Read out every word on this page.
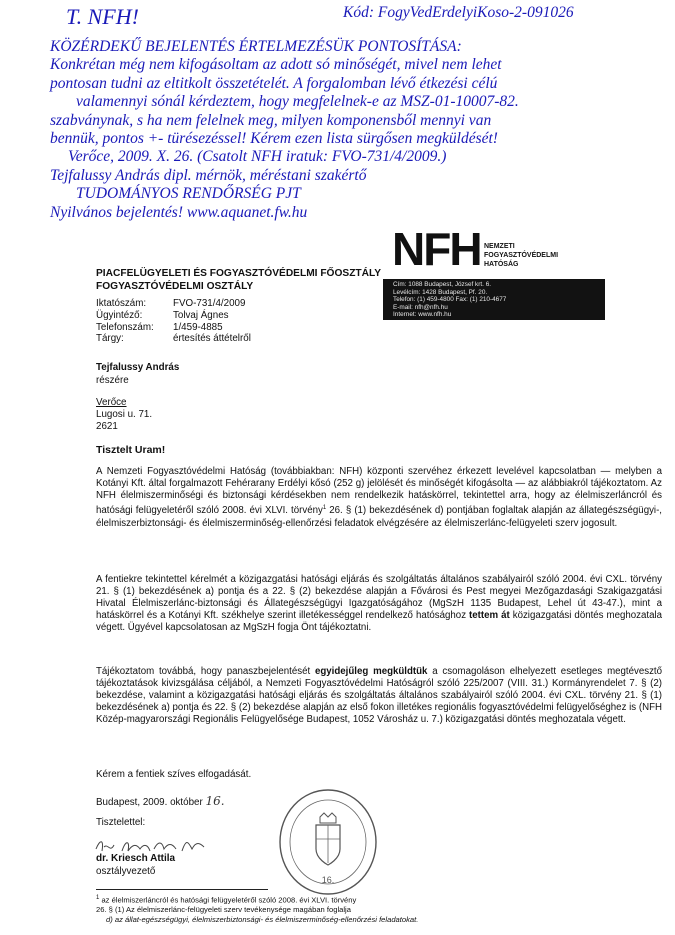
T. NFH!	Kód: FogyVedErdelyiKoso-2-091026
KÖZÉRDEKŰ BEJELENTÉS ÉRTELMEZÉSÜK PONTOSÍTÁSA:
Konkrétan még nem kifogásoltam az adott só minőségét, mivel nem lehet
pontosan tudni az eltitkolt összetételét. A forgalomban lévő étkezési célú
valamennyi sónál kérdeztem, hogy megfelelnek-e az MSZ-01-10007-82.
szabványnak, s ha nem felelnek meg, milyen komponensből mennyi van
bennük, pontos +- türésezéssel! Kérem ezen lista sürgősen megküldését!
Verőce, 2009. X. 26. (Csatolt NFH iratuk: FVO-731/4/2009.)
Tejfalussy András dipl. mérnök, méréstani szakértő
TUDOMÁNYOS RENDŐRSÉG PJT
Nyilvános bejelentés! www.aquanet.fw.hu
NFH NEMZETI
FOGYASZTÓVÉDELMI
HATÓSÁG
Cím: 1088 Budapest, József krt. 6.
Levélcím: 1428 Budapest, Pf. 20.
Telefon: (1) 459-4800 Fax: (1) 210-4677
E-mail: nfh@nfh.hu
Internet: www.nfh.hu
PIACFELÜGYELETI ÉS FOGYASZTÓVÉDELMI FŐOSZTÁLY
FOGYASZTÓVÉDELMI OSZTÁLY
Iktatószám:	FVO-731/4/2009
Ügyintéző:	Tolvaj Ágnes
Telefonszám: 1/459-4885
Tárgy:	értesítés áttételről
Tejfalussy András
részére
Verőce
Lugosi u. 71.
2621
Tisztelt Uram!
A Nemzeti Fogyasztóvédelmi Hatóság (továbbiakban: NFH) központi szervéhez érkezett levelével kapcsolatban — melyben a Kotányi Kft. által forgalmazott Fehérarany Erdélyi kősó (252 g) jelölését és minőségét kifogásolta — az alábbiakról tájékoztatom. Az NFH élelmiszerminőségi és biztonsági kérdésekben nem rendelkezik hatáskörrel, tekintettel arra, hogy az élelmiszerláncról és hatósági felügyeletéről szóló 2008. évi XLVI. törvény$^1$ 26. § (1) bekezdésének d) pontjában foglaltak alapján az állategészségügyi-, élelmiszerbiztonsági- és élelmiszerminőség-ellenőrzési feladatok elvégzésére az élelmiszerlánc-felügyeleti szerv jogosult.
A fentiekre tekintettel kérelmét a közigazgatási hatósági eljárás és szolgáltatás általános szabályairól szóló 2004. évi CXL. törvény 21. § (1) bekezdésének a) pontja és a 22. § (2) bekezdése alapján a Fővárosi és Pest megyei Mezőgazdasági Szakigazgatási Hivatal Élelmiszerlánc-biztonsági és Állategészségügyi Igazgatóságához (MgSzH 1135 Budapest, Lehel út 43-47.), mint a hatáskörrel és a Kotányi Kft. székhelye szerint illetékességgel rendelkező hatósághoz tettem át közigazgatási döntés meghozatala végett. Ügyével kapcsolatosan az MgSzH fogja Önt tájékoztatni.
Tájékoztatom továbbá, hogy panaszbejelentését egyidejűleg megküldtük a csomagoláson elhelyezett esetleges megtévesztő tájékoztatások kivizsgálása céljából, a Nemzeti Fogyasztóvédelmi Hatóságról szóló 225/2007 (VIII. 31.) Kormányrendelet 7. § (2) bekezdése, valamint a közigazgatási hatósági eljárás és szolgáltatás általános szabályairól szóló 2004. évi CXL. törvény 21. § (1) bekezdésének a) pontja és 22. § (2) bekezdése alapján az első fokon illetékes regionális fogyasztóvédelmi felügyelőséghez is (NFH Közép-magyarországi Regionális Felügyelősége Budapest, 1052 Városház u. 7.) közigazgatási döntés meghozatala végett.
Kérem a fentiek szíves elfogadását.
Budapest, 2009. október 16.
Tisztelettel:
dr. Kriesch Attila
osztályvezető
16.
$^1$ az élelmiszerláncról és hatósági felügyeletéről szóló 2008. évi XLVI. törvény
26. § (1) Az élelmiszerlánc-felügyeleti szerv tevékenysége magában foglalja
d) az állat-egészségügyi, élelmiszerbiztonsági- és élelmiszerminőség-ellenőrzési feladatokat.
